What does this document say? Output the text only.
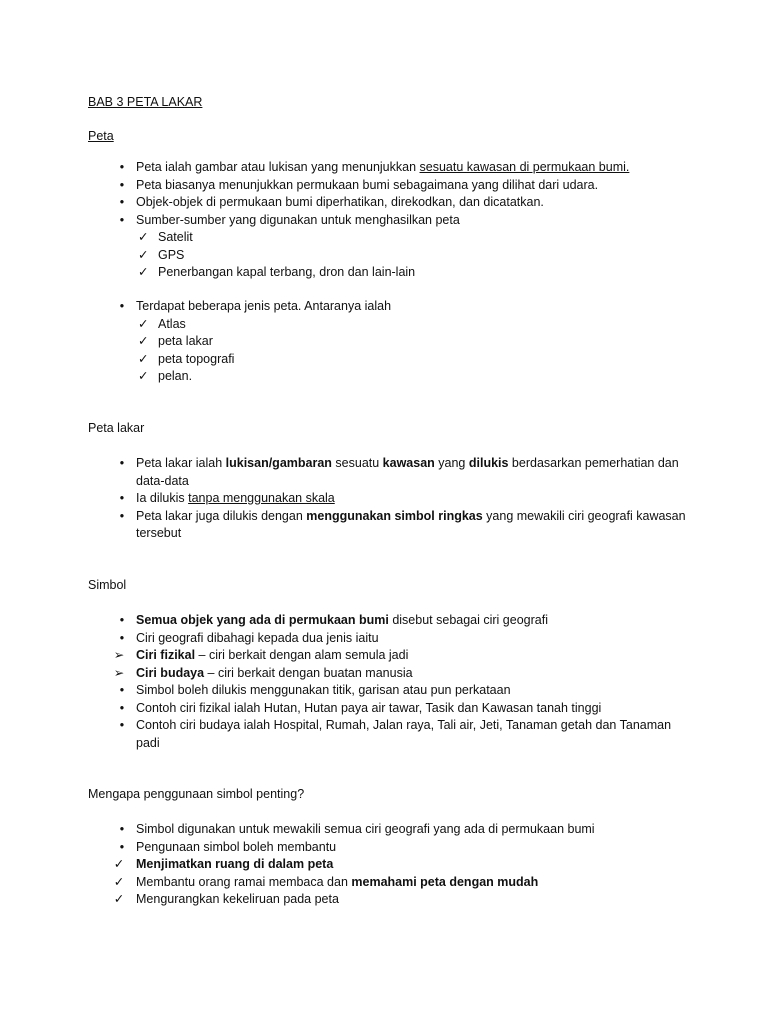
BAB 3 PETA LAKAR

Peta

• Peta ialah gambar atau lukisan yang menunjukkan sesuatu kawasan di permukaan bumi.
• Peta biasanya menunjukkan permukaan bumi sebagaimana yang dilihat dari udara.
• Objek-objek di permukaan bumi diperhatikan, direkodkan, dan dicatatkan.
• Sumber-sumber yang digunakan untuk menghasilkan peta
✓ Satelit
✓ GPS
✓ Penerbangan kapal terbang, dron dan lain-lain
• Terdapat beberapa jenis peta. Antaranya ialah
✓ Atlas
✓ peta lakar
✓ peta topografi
✓ pelan.

Peta lakar

• Peta lakar ialah lukisan/gambaran sesuatu kawasan yang dilukis berdasarkan pemerhatian dan data-data
• Ia dilukis tanpa menggunakan skala
• Peta lakar juga dilukis dengan menggunakan simbol ringkas yang mewakili ciri geografi kawasan tersebut

Simbol

• Semua objek yang ada di permukaan bumi disebut sebagai ciri geografi
• Ciri geografi dibahagi kepada dua jenis iaitu
➢ Ciri fizikal – ciri berkait dengan alam semula jadi
➢ Ciri budaya – ciri berkait dengan buatan manusia
• Simbol boleh dilukis menggunakan titik, garisan atau pun perkataan
• Contoh ciri fizikal ialah Hutan, Hutan paya air tawar, Tasik dan Kawasan tanah tinggi
• Contoh ciri budaya ialah Hospital, Rumah, Jalan raya, Tali air, Jeti, Tanaman getah dan Tanaman padi

Mengapa penggunaan simbol penting?

• Simbol digunakan untuk mewakili semua ciri geografi yang ada di permukaan bumi
• Pengunaan simbol boleh membantu
✓ Menjimatkan ruang di dalam peta
✓ Membantu orang ramai membaca dan memahami peta dengan mudah
✓ Mengurangkan kekeliruan pada peta
